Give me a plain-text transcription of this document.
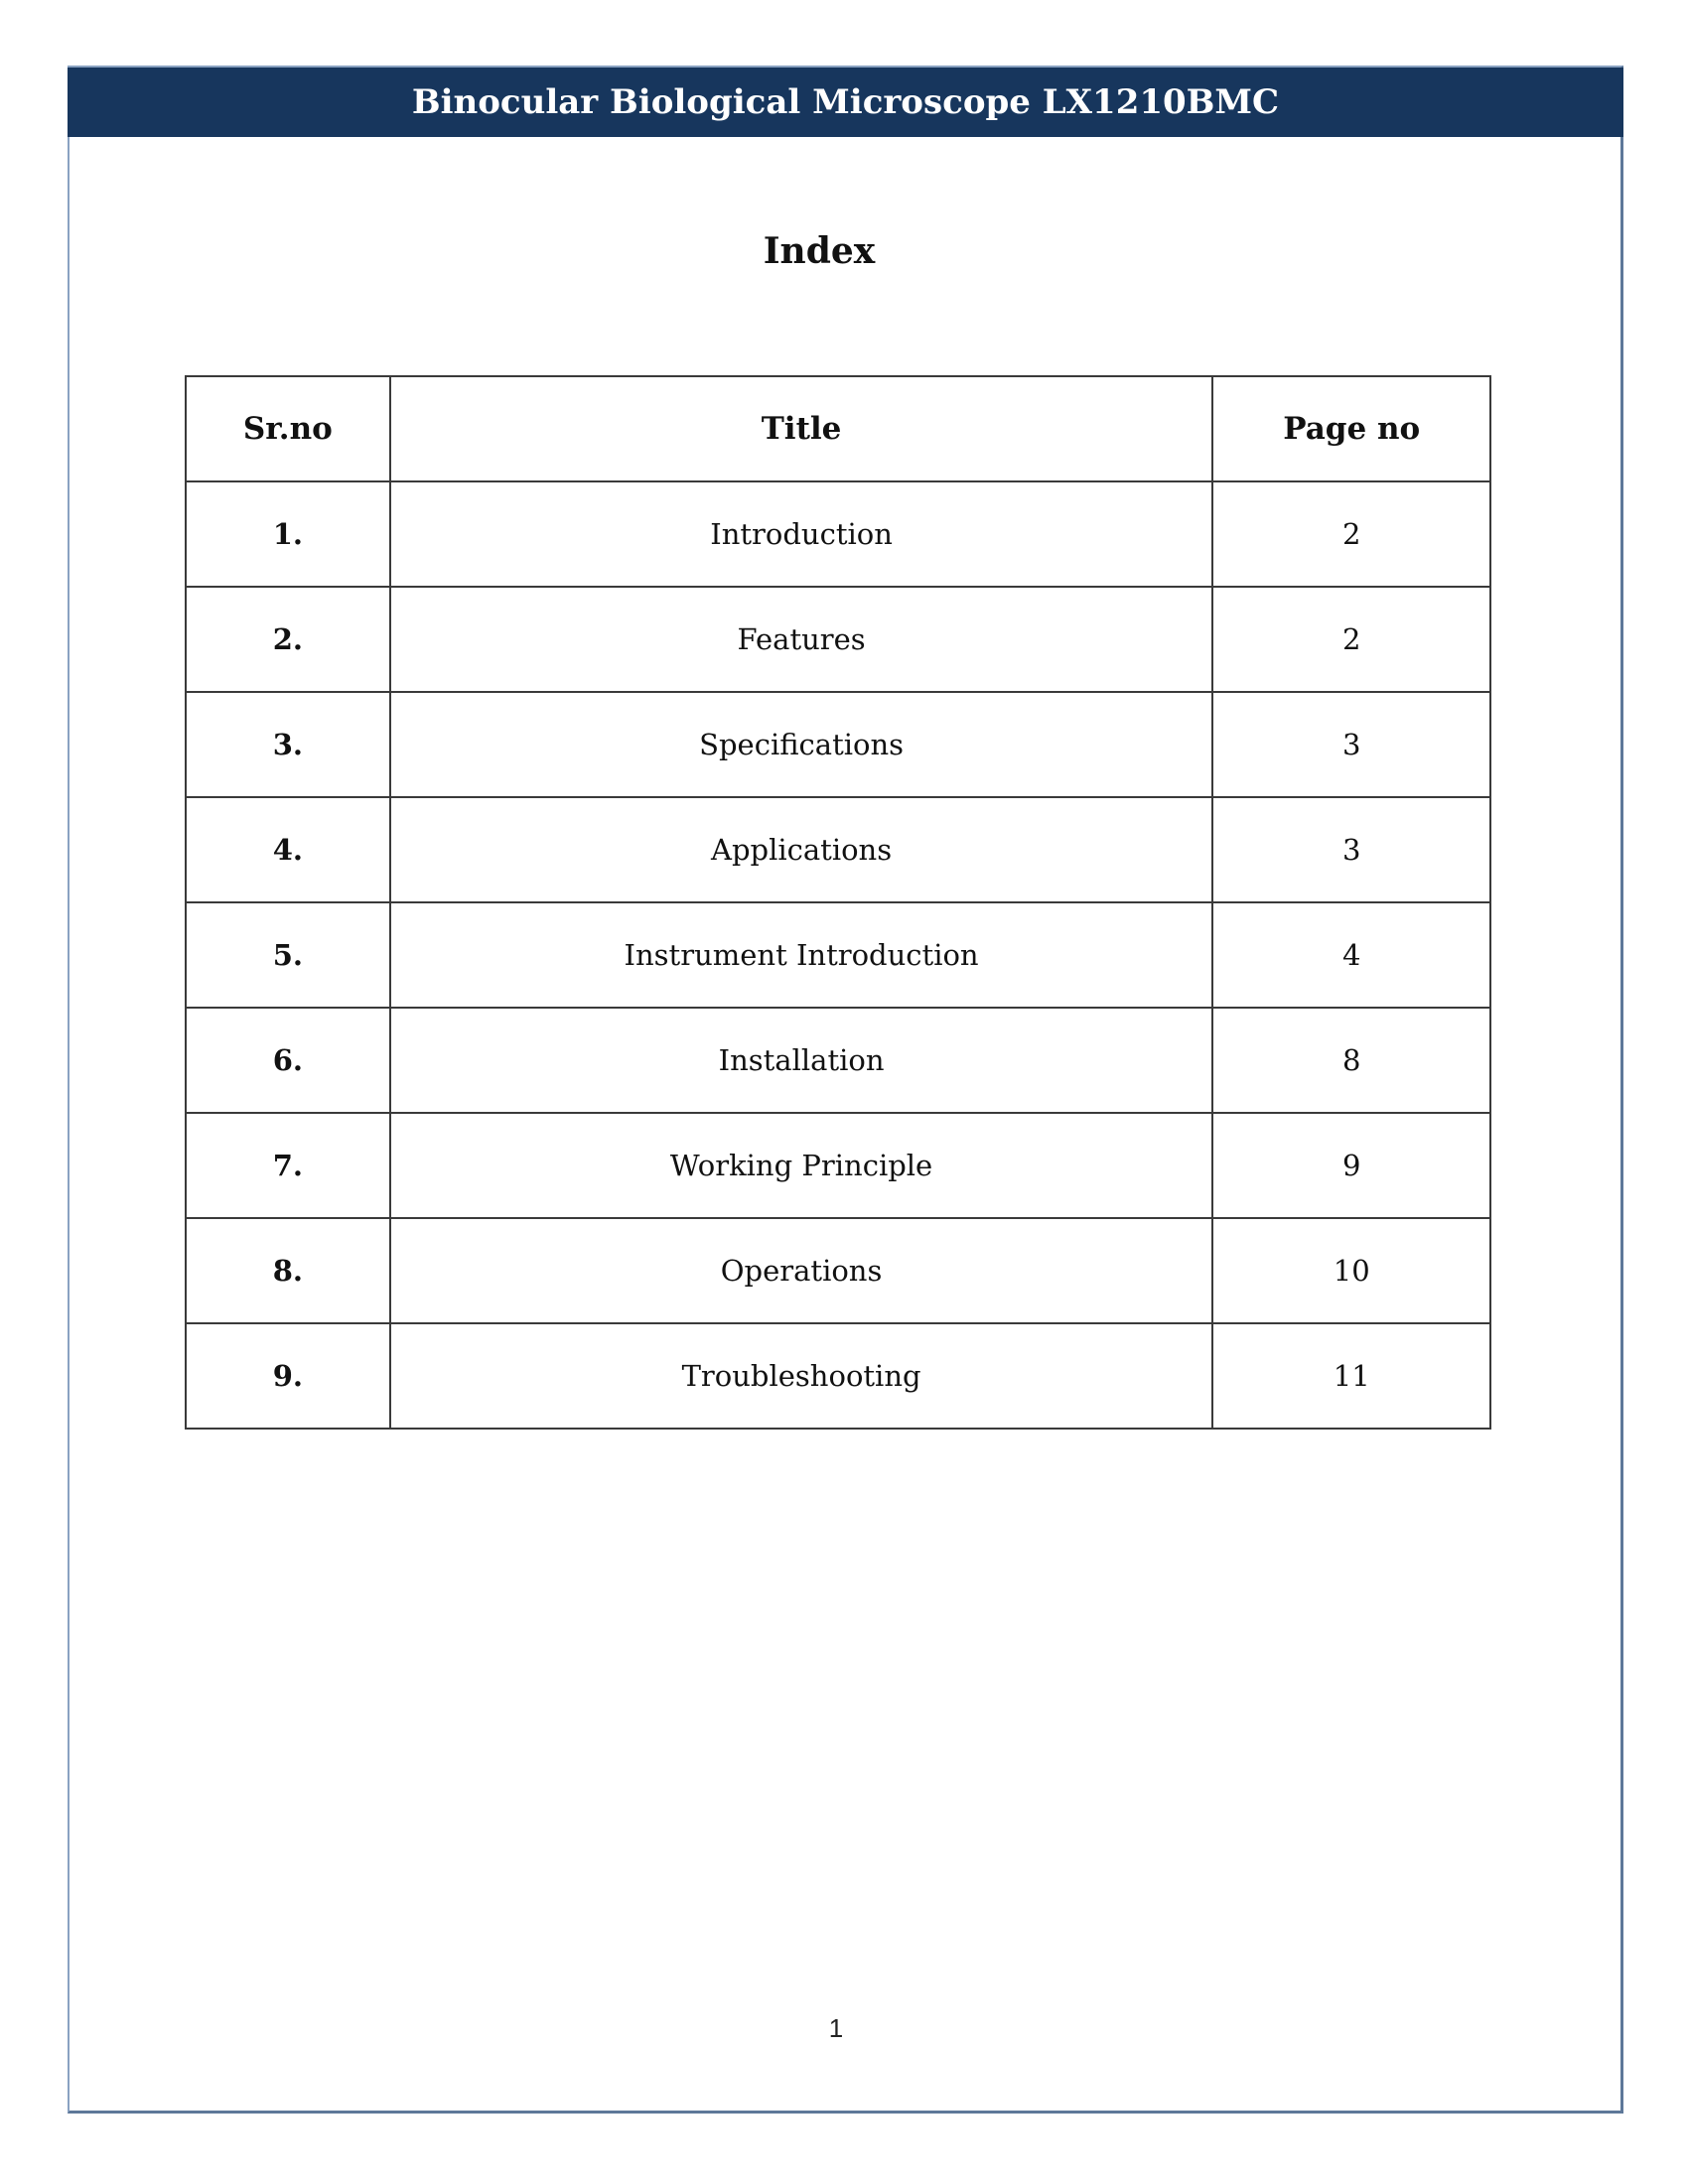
Binocular Biological Microscope LX1210BMC
Index
Sr.no	Title	Page no
1.	Introduction	2
2.	Features	2
3.	Specifications	3
4.	Applications	3
5.	Instrument Introduction	4
6.	Installation	8
7.	Working Principle	9
8.	Operations	10
9.	Troubleshooting	11
1
